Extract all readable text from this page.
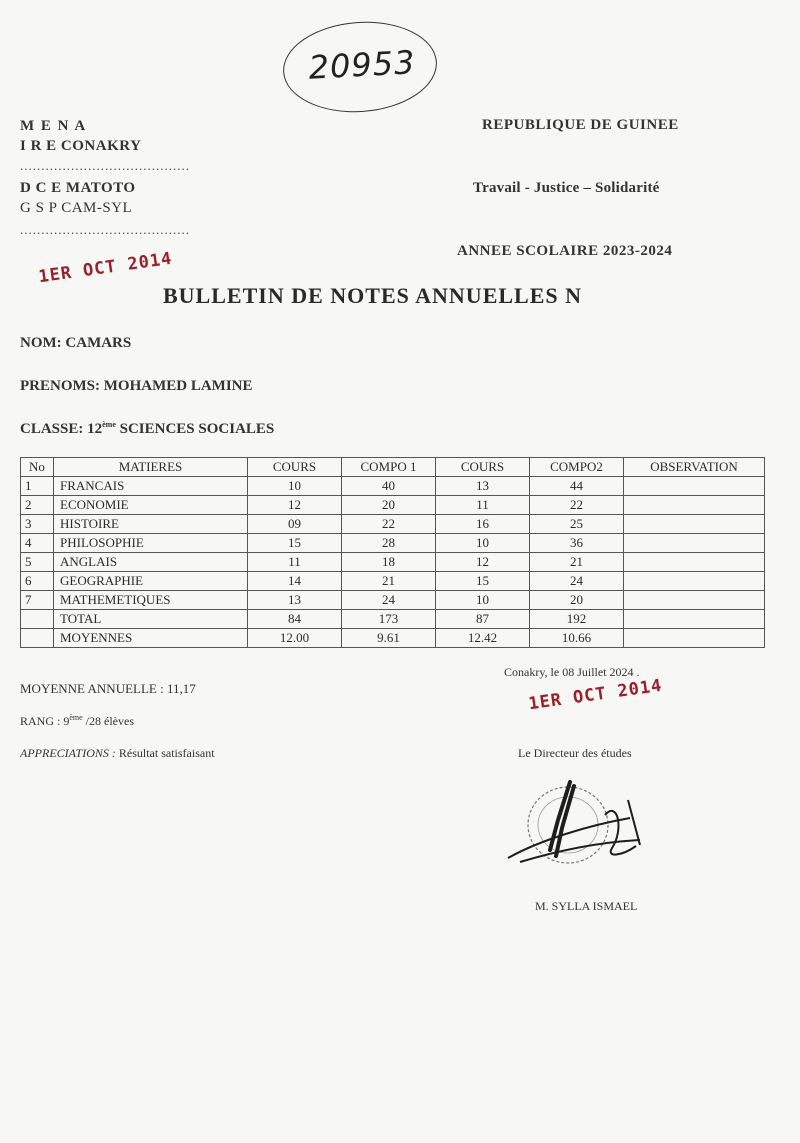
20953
M E N A
I R E CONAKRY
........................................
D C E MATOTO
G S P CAM-SYL
........................................
REPUBLIQUE DE GUINEE
Travail - Justice – Solidarité
ANNEE SCOLAIRE 2023-2024
1ER OCT 2014
BULLETIN DE NOTES ANNUELLES N
NOM: CAMARS
PRENOMS: MOHAMED LAMINE
CLASSE: 12ème SCIENCES SOCIALES
No	MATIERES	COURS	COMPO 1	COURS	COMPO2	OBSERVATION
1	FRANCAIS	10	40	13	44	
2	ECONOMIE	12	20	11	22	
3	HISTOIRE	09	22	16	25	
4	PHILOSOPHIE	15	28	10	36	
5	ANGLAIS	11	18	12	21	
6	GEOGRAPHIE	14	21	15	24	
7	MATHEMETIQUES	13	24	10	20	
	TOTAL	84	173	87	192	
	MOYENNES	12.00	9.61	12.42	10.66	
MOYENNE ANNUELLE : 11,17
RANG : 9ème /28 élèves
APPRECIATIONS : Résultat satisfaisant
Conakry, le 08 Juillet 2024 .
1ER OCT 2014
Le Directeur des études
M. SYLLA ISMAEL
